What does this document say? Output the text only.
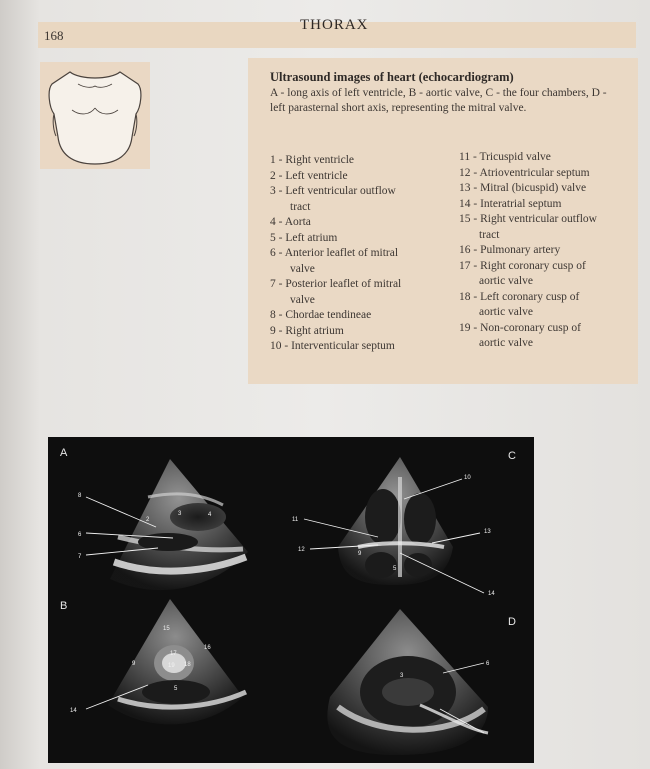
168
THORAX
Ultrasound images of heart (echocardiogram)
A - long axis of left ventricle, B - aortic valve, C - the four chambers, D - left parasternal short axis, representing the mitral valve.
1 - Right ventricle
2 - Left ventricle
3 - Left ventricular outflow
tract
4 - Aorta
5 - Left atrium
6 - Anterior leaflet of mitral
valve
7 - Posterior leaflet of mitral
valve
8 - Chordae tendineae
9 - Right atrium
10 - Interventicular septum
11 - Tricuspid valve
12 - Atrioventricular septum
13 - Mitral (bicuspid) valve
14 - Interatrial septum
15 - Right ventricular outflow
tract
16 - Pulmonary artery
17 - Right coronary cusp of
aortic valve
18 - Left coronary cusp of
aortic valve
19 - Non-coronary cusp of
aortic valve
A
8
2
3	4
6
7
B
15
16
17
19 18
9
5
14
C
10
11
12
13
9
5
14
D
6
3
